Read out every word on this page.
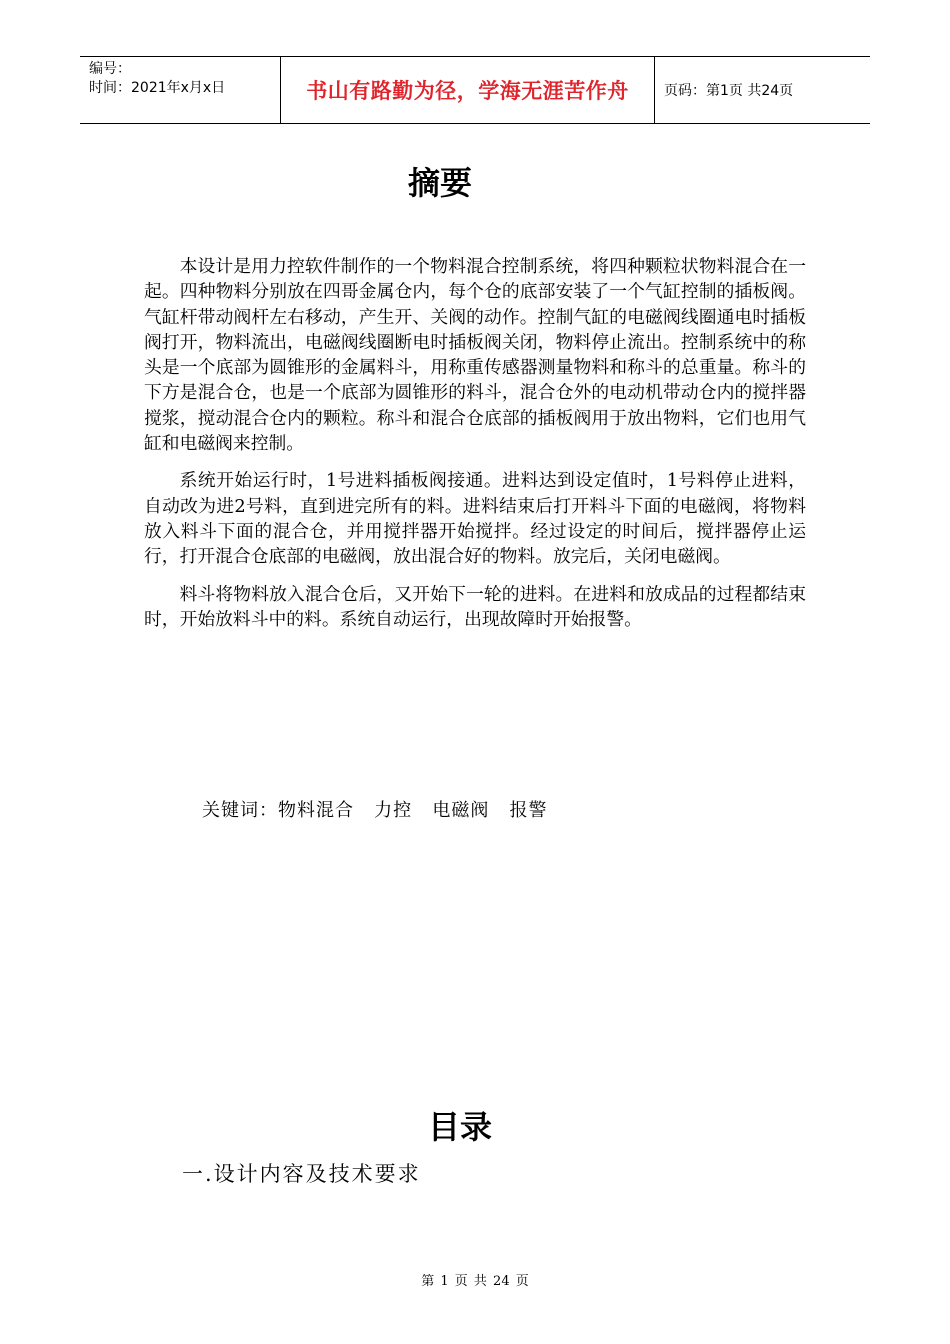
编号：
时间：2021年x月x日	书山有路勤为径，学海无涯苦作舟	页码：第1页 共24页
摘要

本设计是用力控软件制作的一个物料混合控制系统，将四种颗粒状物料混合在一起。四种物料分别放在四哥金属仓内，每个仓的底部安装了一个气缸控制的插板阀。气缸杆带动阀杆左右移动，产生开、关阀的动作。控制气缸的电磁阀线圈通电时插板阀打开，物料流出，电磁阀线圈断电时插板阀关闭，物料停止流出。控制系统中的称头是一个底部为圆锥形的金属料斗，用称重传感器测量物料和称斗的总重量。称斗的下方是混合仓，也是一个底部为圆锥形的料斗，混合仓外的电动机带动仓内的搅拌器搅浆，搅动混合仓内的颗粒。称斗和混合仓底部的插板阀用于放出物料，它们也用气缸和电磁阀来控制。

系统开始运行时，1号进料插板阀接通。进料达到设定值时，1号料停止进料，自动改为进2号料，直到进完所有的料。进料结束后打开料斗下面的电磁阀，将物料放入料斗下面的混合仓，并用搅拌器开始搅拌。经过设定的时间后，搅拌器停止运行，打开混合仓底部的电磁阀，放出混合好的物料。放完后，关闭电磁阀。

料斗将物料放入混合仓后，又开始下一轮的进料。在进料和放成品的过程都结束时，开始放料斗中的料。系统自动运行，出现故障时开始报警。

关键词：物料混合   力控   电磁阀   报警
目录
一.设计内容及技术要求
第 1 页 共 24 页
